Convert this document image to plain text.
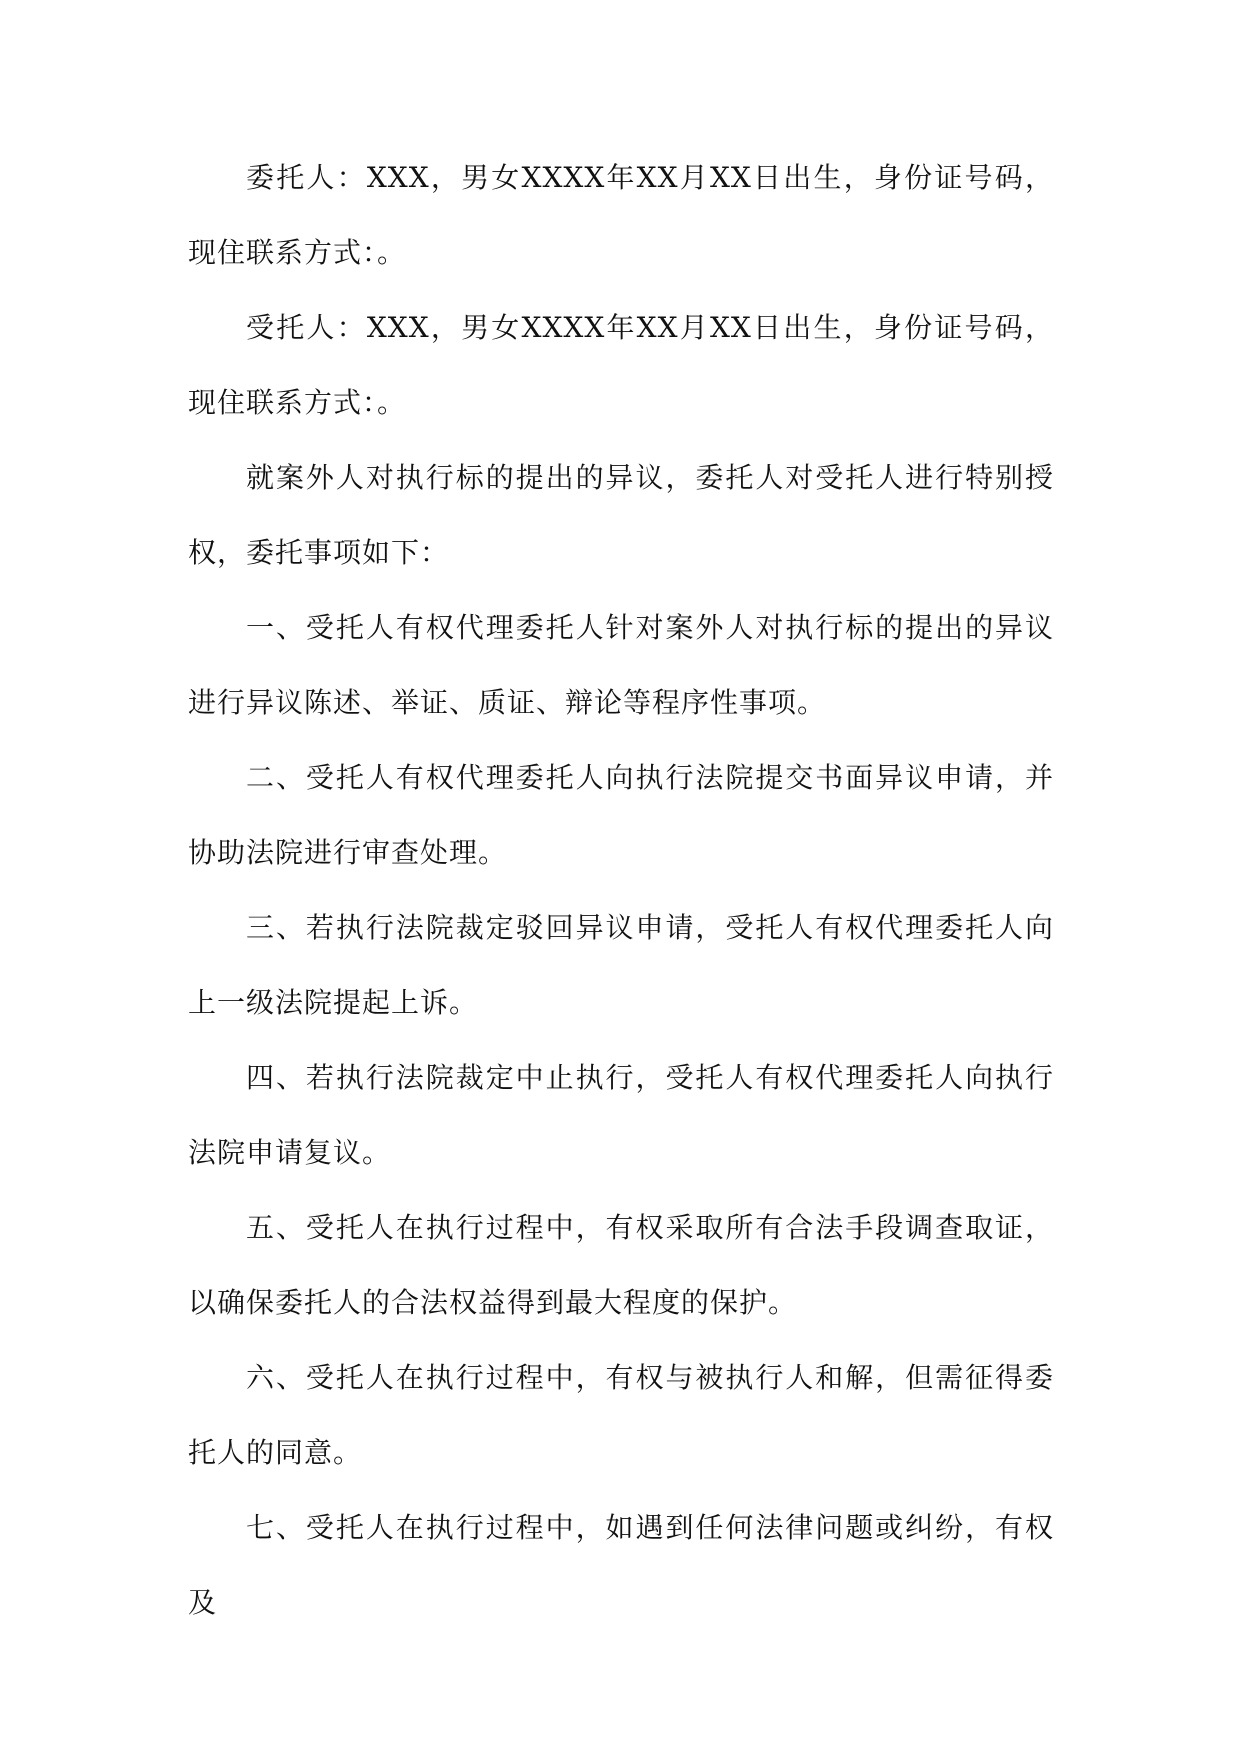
委托人：XXX，男女XXXX年XX月XX日出生，身份证号码，现住联系方式：。

受托人：XXX，男女XXXX年XX月XX日出生，身份证号码，现住联系方式：。

就案外人对执行标的提出的异议，委托人对受托人进行特别授权，委托事项如下：

一、受托人有权代理委托人针对案外人对执行标的提出的异议进行异议陈述、举证、质证、辩论等程序性事项。

二、受托人有权代理委托人向执行法院提交书面异议申请，并协助法院进行审查处理。

三、若执行法院裁定驳回异议申请，受托人有权代理委托人向上一级法院提起上诉。

四、若执行法院裁定中止执行，受托人有权代理委托人向执行法院申请复议。

五、受托人在执行过程中，有权采取所有合法手段调查取证，以确保委托人的合法权益得到最大程度的保护。

六、受托人在执行过程中，有权与被执行人和解，但需征得委托人的同意。

七、受托人在执行过程中，如遇到任何法律问题或纠纷，有权及
